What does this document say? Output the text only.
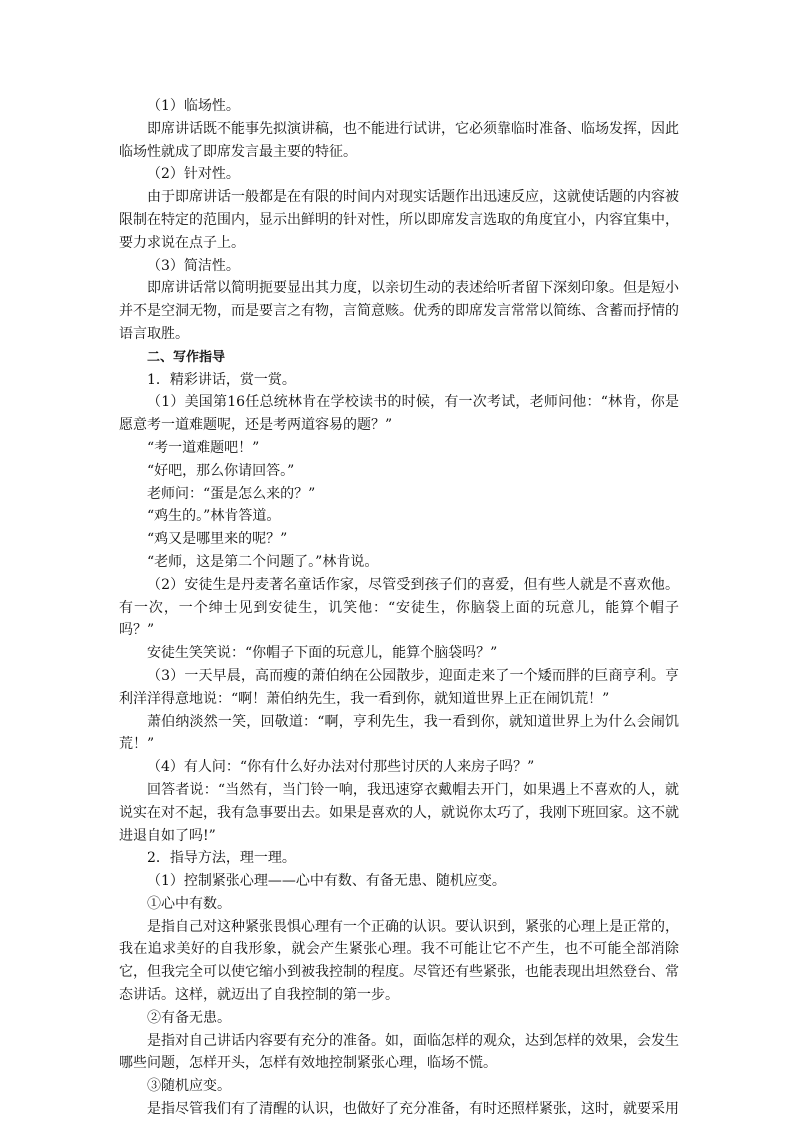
（1）临场性。

即席讲话既不能事先拟演讲稿，也不能进行试讲，它必须靠临时准备、临场发挥，因此临场性就成了即席发言最主要的特征。

（2）针对性。

由于即席讲话一般都是在有限的时间内对现实话题作出迅速反应，这就使话题的内容被限制在特定的范围内，显示出鲜明的针对性，所以即席发言选取的角度宜小，内容宜集中，要力求说在点子上。

（3）简洁性。

即席讲话常以简明扼要显出其力度，以亲切生动的表述给听者留下深刻印象。但是短小并不是空洞无物，而是要言之有物，言简意赅。优秀的即席发言常常以简练、含蓄而抒情的语言取胜。

二、写作指导

1．精彩讲话，赏一赏。

（1）美国第16任总统林肯在学校读书的时候，有一次考试，老师问他：“林肯，你是愿意考一道难题呢，还是考两道容易的题？”

“考一道难题吧！”

“好吧，那么你请回答。”

老师问：“蛋是怎么来的？”

“鸡生的。”林肯答道。

“鸡又是哪里来的呢？”

“老师，这是第二个问题了。”林肯说。

（2）安徒生是丹麦著名童话作家，尽管受到孩子们的喜爱，但有些人就是不喜欢他。有一次，一个绅士见到安徒生，讥笑他：“安徒生，你脑袋上面的玩意儿，能算个帽子吗？”

安徒生笑笑说：“你帽子下面的玩意儿，能算个脑袋吗？”

（3）一天早晨，高而瘦的萧伯纳在公园散步，迎面走来了一个矮而胖的巨商亨利。亨利洋洋得意地说：“啊！萧伯纳先生，我一看到你，就知道世界上正在闹饥荒！”

萧伯纳淡然一笑，回敬道：“啊，亨利先生，我一看到你，就知道世界上为什么会闹饥荒！”

（4）有人问：“你有什么好办法对付那些讨厌的人来房子吗？”

回答者说：“当然有，当门铃一响，我迅速穿衣戴帽去开门，如果遇上不喜欢的人，就说实在对不起，我有急事要出去。如果是喜欢的人，就说你太巧了，我刚下班回家。这不就进退自如了吗!”

2．指导方法，理一理。

（1）控制紧张心理——心中有数、有备无患、随机应变。

①心中有数。

是指自己对这种紧张畏惧心理有一个正确的认识。要认识到，紧张的心理上是正常的，我在追求美好的自我形象，就会产生紧张心理。我不可能让它不产生，也不可能全部消除它，但我完全可以使它缩小到被我控制的程度。尽管还有些紧张，也能表现出坦然登台、常态讲话。这样，就迈出了自我控制的第一步。

②有备无患。

是指对自己讲话内容要有充分的准备。如，面临怎样的观众，达到怎样的效果，会发生哪些问题，怎样开头，怎样有效地控制紧张心理，临场不慌。

③随机应变。

是指尽管我们有了清醒的认识，也做好了充分准备，有时还照样紧张，这时，就要采用
